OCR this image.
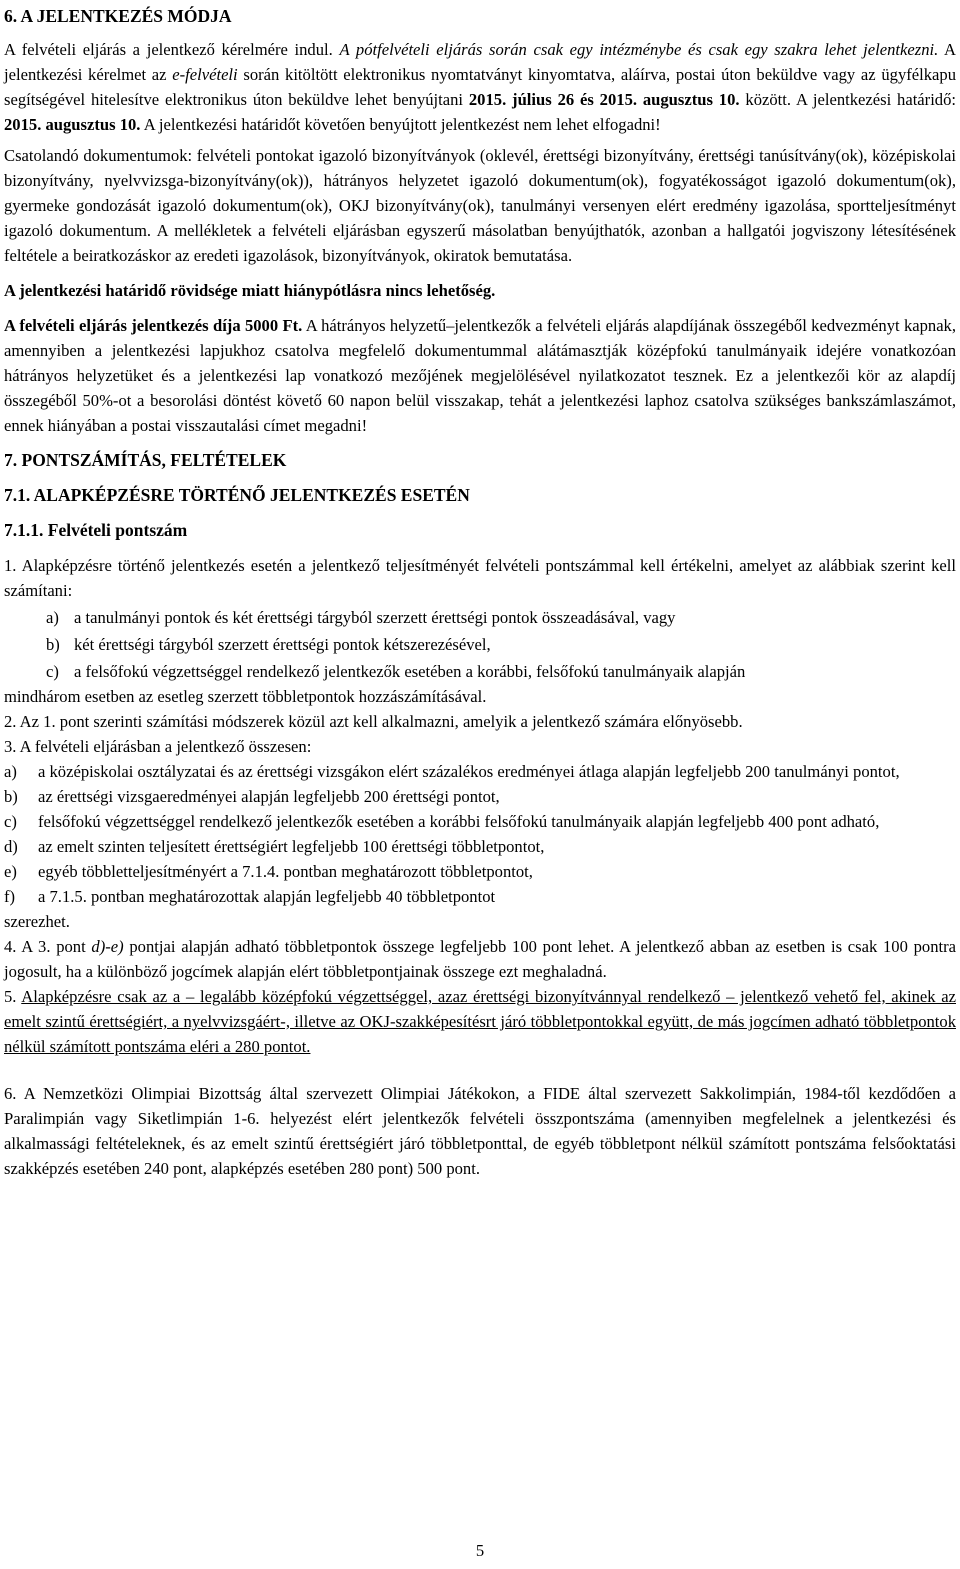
6. A JELENTKEZÉS MÓDJA

A felvételi eljárás a jelentkező kérelmére indul. A pótfelvételi eljárás során csak egy intézménybe és csak egy szakra lehet jelentkezni. A jelentkezési kérelmet az e-felvételi során kitöltött elektronikus nyomtatványt kinyomtatva, aláírva, postai úton beküldve vagy az ügyfélkapu segítségével hitelesítve elektronikus úton beküldve lehet benyújtani 2015. július 26 és 2015. augusztus 10. között. A jelentkezési határidő: 2015. augusztus 10. A jelentkezési határidőt követően benyújtott jelentkezést nem lehet elfogadni!

Csatolandó dokumentumok: felvételi pontokat igazoló bizonyítványok (oklevél, érettségi bizonyítvány, érettségi tanúsítvány(ok), középiskolai bizonyítvány, nyelvvizsga-bizonyítvány(ok)), hátrányos helyzetet igazoló dokumentum(ok), fogyatékosságot igazoló dokumentum(ok), gyermeke gondozását igazoló dokumentum(ok), OKJ bizonyítvány(ok), tanulmányi versenyen elért eredmény igazolása, sportteljesítményt igazoló dokumentum. A mellékletek a felvételi eljárásban egyszerű másolatban benyújthatók, azonban a hallgatói jogviszony létesítésének feltétele a beiratkozáskor az eredeti igazolások, bizonyítványok, okiratok bemutatása.

A jelentkezési határidő rövidsége miatt hiánypótlásra nincs lehetőség.

A felvételi eljárás jelentkezés díja 5000 Ft. A hátrányos helyzetű–jelentkezők a felvételi eljárás alapdíjának összegéből kedvezményt kapnak, amennyiben a jelentkezési lapjukhoz csatolva megfelelő dokumentummal alátámasztják középfokú tanulmányaik idejére vonatkozóan hátrányos helyzetüket és a jelentkezési lap vonatkozó mezőjének megjelölésével nyilatkozatot tesznek. Ez a jelentkezői kör az alapdíj összegéből 50%-ot a besorolási döntést követő 60 napon belül visszakap, tehát a jelentkezési laphoz csatolva szükséges bankszámlaszámot, ennek hiányában a postai visszautalási címet megadni!

7. PONTSZÁMÍTÁS, FELTÉTELEK

7.1. ALAPKÉPZÉSRE TÖRTÉNŐ JELENTKEZÉS ESETÉN

7.1.1. Felvételi pontszám

1. Alapképzésre történő jelentkezés esetén a jelentkező teljesítményét felvételi pontszámmal kell értékelni, amelyet az alábbiak szerint kell számítani:

a) a tanulmányi pontok és két érettségi tárgyból szerzett érettségi pontok összeadásával, vagy
b) két érettségi tárgyból szerzett érettségi pontok kétszerezésével,
c) a felsőfokú végzettséggel rendelkező jelentkezők esetében a korábbi, felsőfokú tanulmányaik alapján

mindhárom esetben az esetleg szerzett többletpontok hozzászámításával.

2. Az 1. pont szerinti számítási módszerek közül azt kell alkalmazni, amelyik a jelentkező számára előnyösebb.

3. A felvételi eljárásban a jelentkező összesen:

a)	a középiskolai osztályzatai és az érettségi vizsgákon elért százalékos eredményei átlaga alapján legfeljebb 200 tanulmányi pontot,
b)	az érettségi vizsgaeredményei alapján legfeljebb 200 érettségi pontot,
c)	felsőfokú végzettséggel rendelkező jelentkezők esetében a korábbi felsőfokú tanulmányaik alapján legfeljebb 400 pont adható,
d)	az emelt szinten teljesített érettségiért legfeljebb 100 érettségi többletpontot,
e)	egyéb többletteljesítményért a 7.1.4. pontban meghatározott többletpontot,
f)	a 7.1.5. pontban meghatározottak alapján legfeljebb 40 többletpontot

szerezhet.

4. A 3. pont d)-e) pontjai alapján adható többletpontok összege legfeljebb 100 pont lehet. A jelentkező abban az esetben is csak 100 pontra jogosult, ha a különböző jogcímek alapján elért többletpontjainak összege ezt meghaladná.

5. Alapképzésre csak az a – legalább középfokú végzettséggel, azaz érettségi bizonyítvánnyal rendelkező – jelentkező vehető fel, akinek az emelt szintű érettségiért, a nyelvvizsgáért-, illetve az OKJ-szakképesítésrt járó többletpontokkal együtt, de más jogcímen adható többletpontok nélkül számított pontszáma eléri a 280 pontot.

6. A Nemzetközi Olimpiai Bizottság által szervezett Olimpiai Játékokon, a FIDE által szervezett Sakkolimpián, 1984-től kezdődően a Paralimpián vagy Siketlimpián 1-6. helyezést elért jelentkezők felvételi összpontszáma (amennyiben megfelelnek a jelentkezési és alkalmassági feltételeknek, és az emelt szintű érettségiért járó többletponttal, de egyéb többletpont nélkül számított pontszáma felsőoktatási szakképzés esetében 240 pont, alapképzés esetében 280 pont) 500 pont.

5
